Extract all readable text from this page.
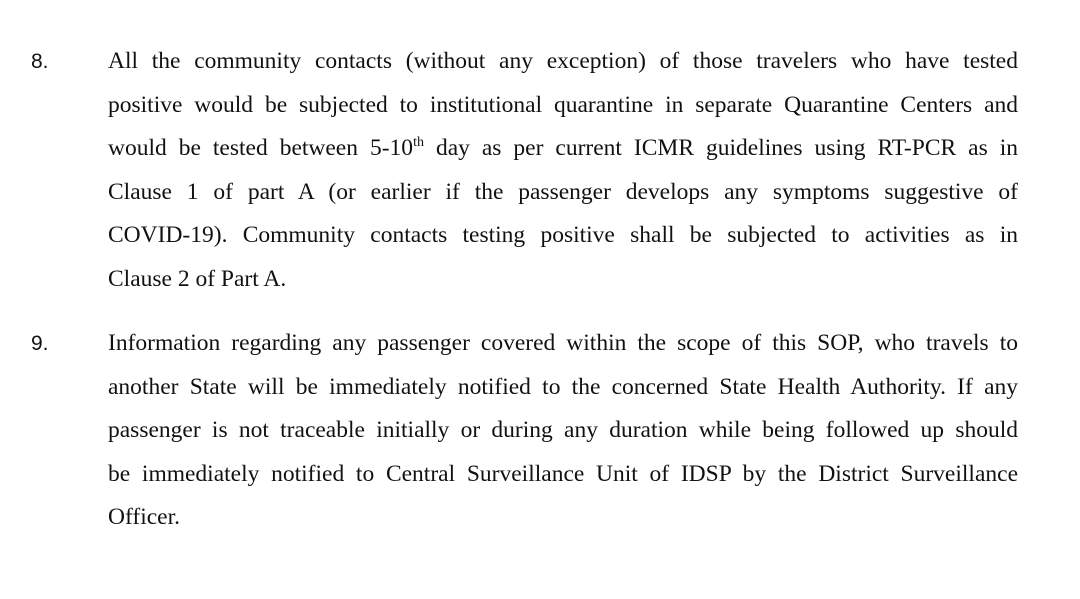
8.	All the community contacts (without any exception) of those travelers who have tested
positive would be subjected to institutional quarantine in separate Quarantine Centers and
would be tested between 5-10th day as per current ICMR guidelines using RT-PCR as in
Clause 1 of part A (or earlier if the passenger develops any symptoms suggestive of
COVID-19). Community contacts testing positive shall be subjected to activities as in
Clause 2 of Part A.
9.	Information regarding any passenger covered within the scope of this SOP, who travels to
another State will be immediately notified to the concerned State Health Authority. If any
passenger is not traceable initially or during any duration while being followed up should
be immediately notified to Central Surveillance Unit of IDSP by the District Surveillance
Officer.
